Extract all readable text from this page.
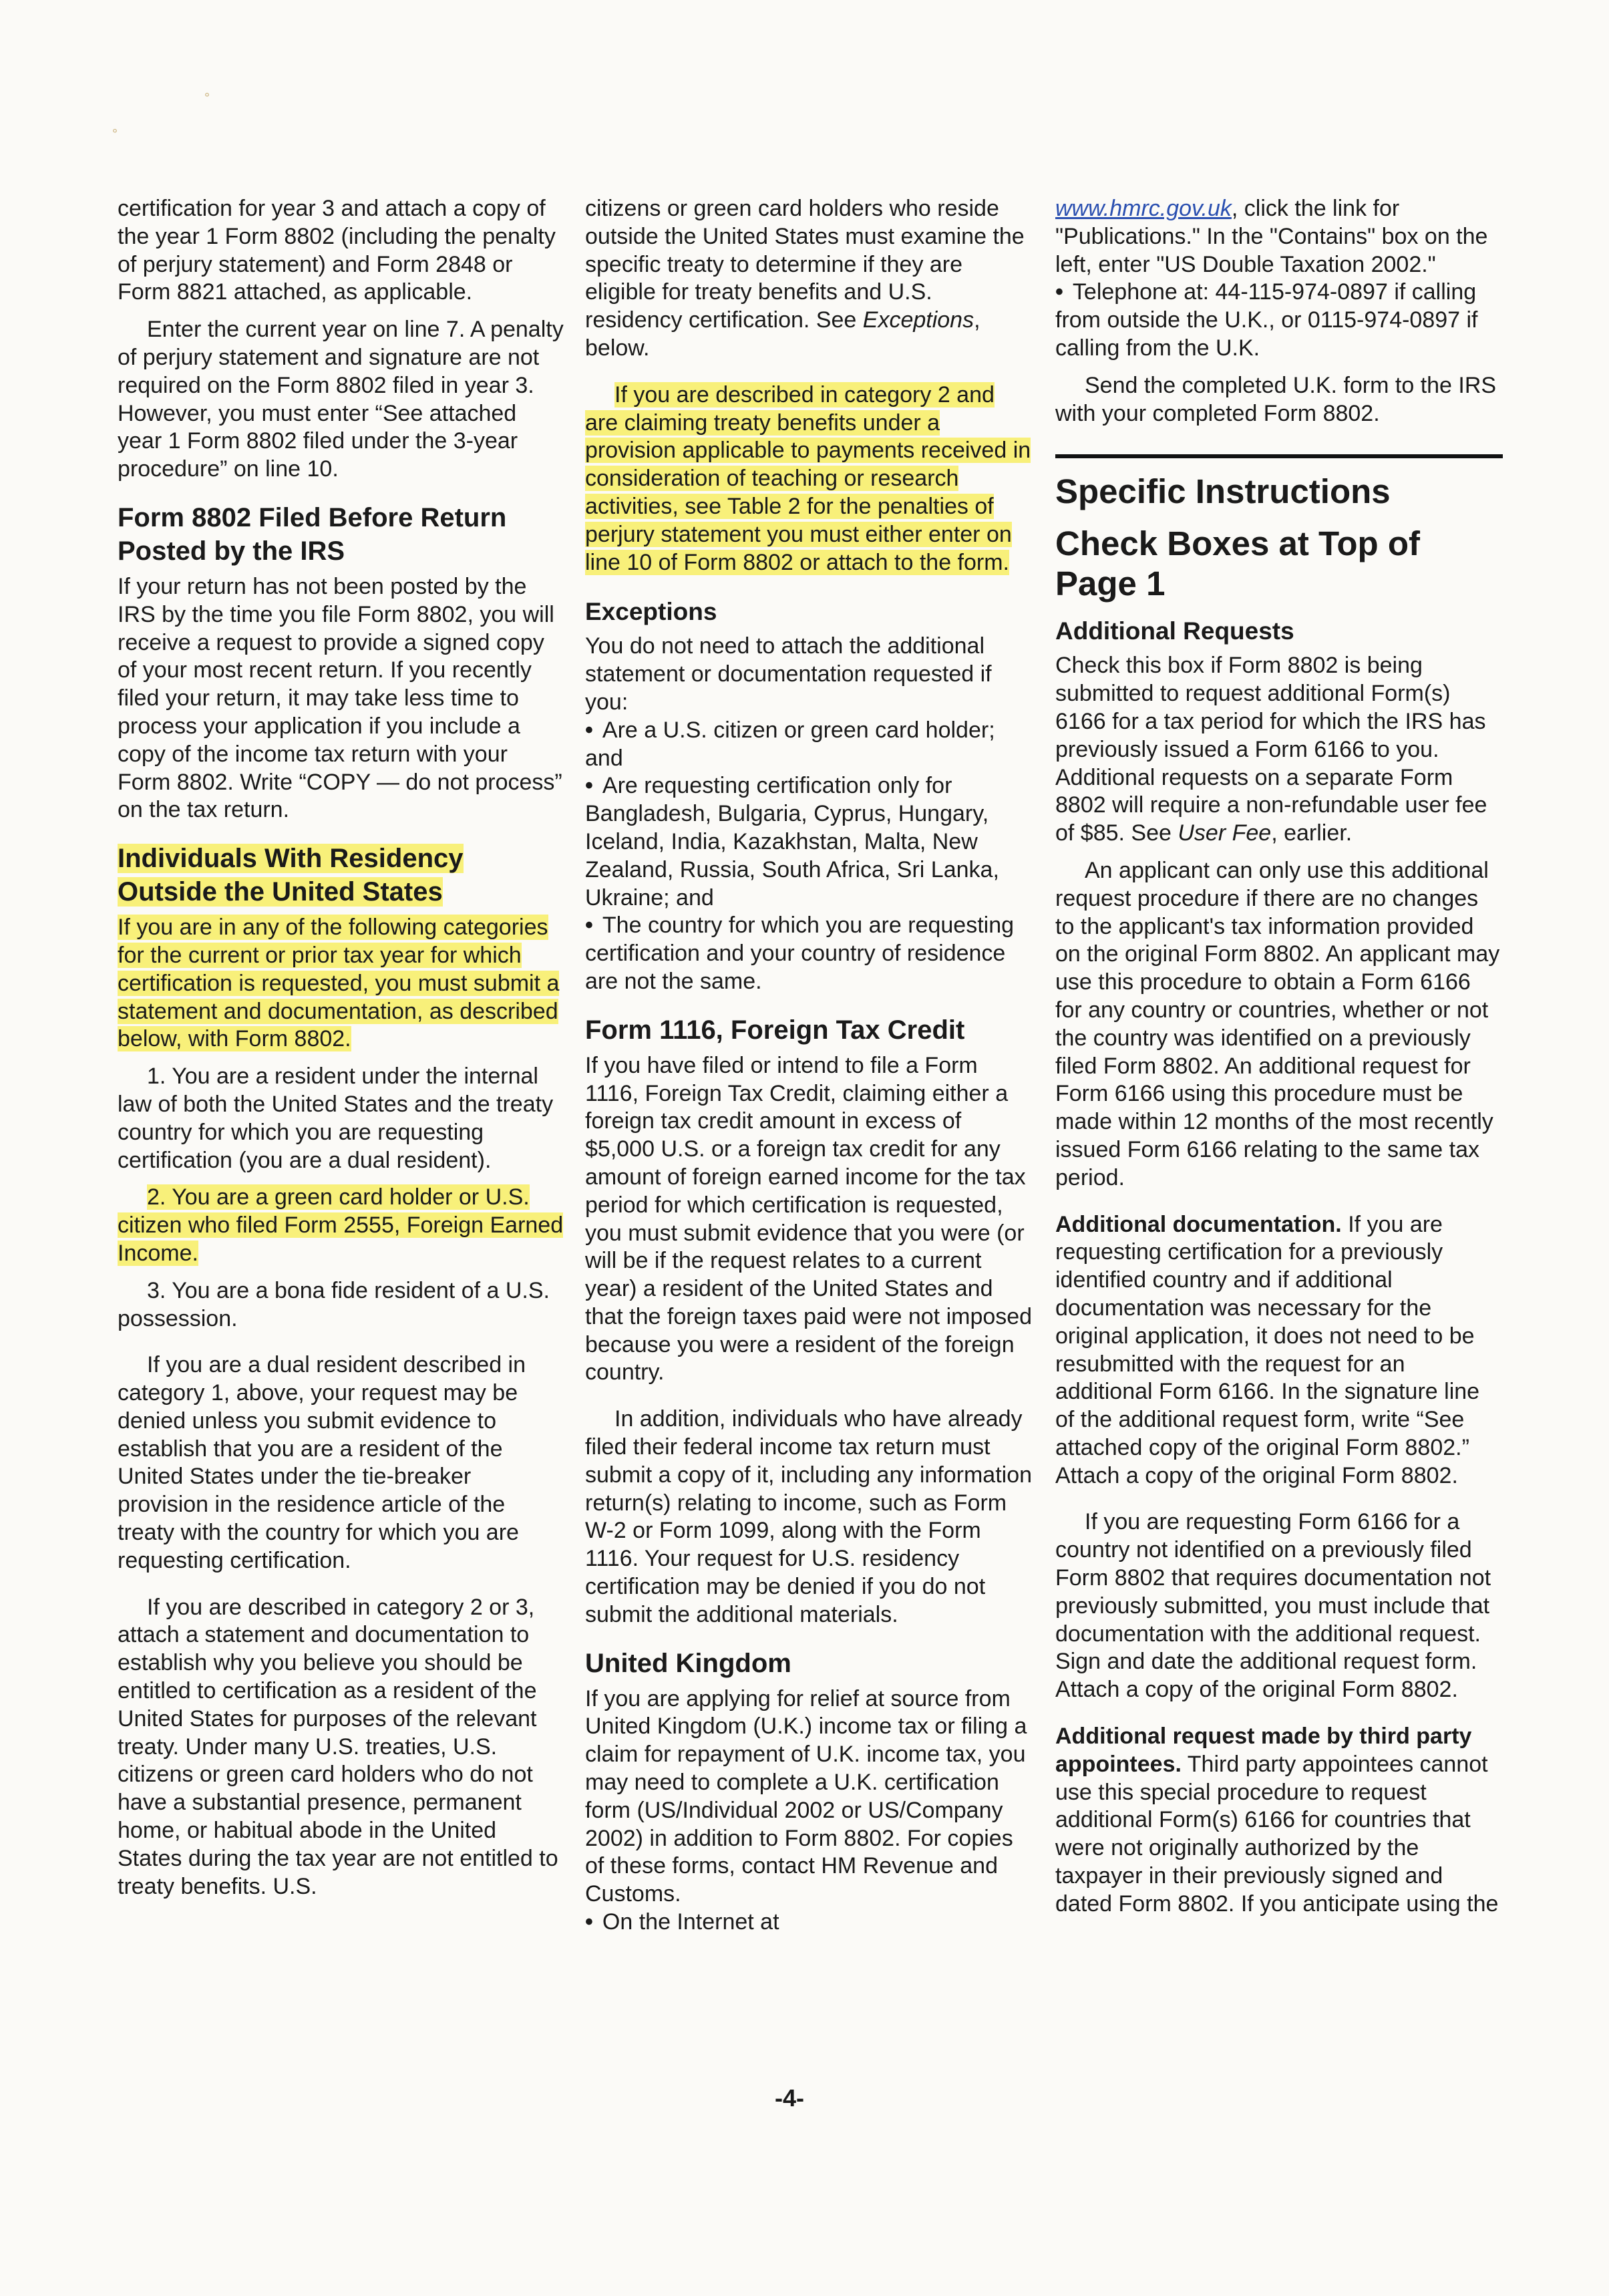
°
°

certification for year 3 and attach a copy of the year 1 Form 8802 (including the penalty of perjury statement) and Form 2848 or Form 8821 attached, as applicable.

Enter the current year on line 7. A penalty of perjury statement and signature are not required on the Form 8802 filed in year 3. However, you must enter “See attached year 1 Form 8802 filed under the 3-year procedure” on line 10.

Form 8802 Filed Before Return Posted by the IRS

If your return has not been posted by the IRS by the time you file Form 8802, you will receive a request to provide a signed copy of your most recent return. If you recently filed your return, it may take less time to process your application if you include a copy of the income tax return with your Form 8802. Write “COPY — do not process” on the tax return.

Individuals With Residency Outside the United States

If you are in any of the following categories for the current or prior tax year for which certification is requested, you must submit a statement and documentation, as described below, with Form 8802.

1. You are a resident under the internal law of both the United States and the treaty country for which you are requesting certification (you are a dual resident).

2. You are a green card holder or U.S. citizen who filed Form 2555, Foreign Earned Income.

3. You are a bona fide resident of a U.S. possession.

If you are a dual resident described in category 1, above, your request may be denied unless you submit evidence to establish that you are a resident of the United States under the tie-breaker provision in the residence article of the treaty with the country for which you are requesting certification.

If you are described in category 2 or 3, attach a statement and documentation to establish why you believe you should be entitled to certification as a resident of the United States for purposes of the relevant treaty. Under many U.S. treaties, U.S. citizens or green card holders who do not have a substantial presence, permanent home, or habitual abode in the United States during the tax year are not entitled to treaty benefits. U.S.

citizens or green card holders who reside outside the United States must examine the specific treaty to determine if they are eligible for treaty benefits and U.S. residency certification. See Exceptions, below.

If you are described in category 2 and are claiming treaty benefits under a provision applicable to payments received in consideration of teaching or research activities, see Table 2 for the penalties of perjury statement you must either enter on line 10 of Form 8802 or attach to the form.

Exceptions

You do not need to attach the additional statement or documentation requested if you:

• Are a U.S. citizen or green card holder; and

• Are requesting certification only for Bangladesh, Bulgaria, Cyprus, Hungary, Iceland, India, Kazakhstan, Malta, New Zealand, Russia, South Africa, Sri Lanka, Ukraine; and

• The country for which you are requesting certification and your country of residence are not the same.

Form 1116, Foreign Tax Credit

If you have filed or intend to file a Form 1116, Foreign Tax Credit, claiming either a foreign tax credit amount in excess of $5,000 U.S. or a foreign tax credit for any amount of foreign earned income for the tax period for which certification is requested, you must submit evidence that you were (or will be if the request relates to a current year) a resident of the United States and that the foreign taxes paid were not imposed because you were a resident of the foreign country.

In addition, individuals who have already filed their federal income tax return must submit a copy of it, including any information return(s) relating to income, such as Form W-2 or Form 1099, along with the Form 1116. Your request for U.S. residency certification may be denied if you do not submit the additional materials.

United Kingdom

If you are applying for relief at source from United Kingdom (U.K.) income tax or filing a claim for repayment of U.K. income tax, you may need to complete a U.K. certification form (US/Individual 2002 or US/Company 2002) in addition to Form 8802. For copies of these forms, contact HM Revenue and Customs.

• On the Internet at

www.hmrc.gov.uk, click the link for "Publications." In the "Contains" box on the left, enter "US Double Taxation 2002."

• Telephone at: 44-115-974-0897 if calling from outside the U.K., or 0115-974-0897 if calling from the U.K.

Send the completed U.K. form to the IRS with your completed Form 8802.

Specific Instructions
Check Boxes at Top of Page 1
Additional Requests

Check this box if Form 8802 is being submitted to request additional Form(s) 6166 for a tax period for which the IRS has previously issued a Form 6166 to you. Additional requests on a separate Form 8802 will require a non-refundable user fee of $85. See User Fee, earlier.

An applicant can only use this additional request procedure if there are no changes to the applicant's tax information provided on the original Form 8802. An applicant may use this procedure to obtain a Form 6166 for any country or countries, whether or not the country was identified on a previously filed Form 8802. An additional request for Form 6166 using this procedure must be made within 12 months of the most recently issued Form 6166 relating to the same tax period.

Additional documentation. If you are requesting certification for a previously identified country and if additional documentation was necessary for the original application, it does not need to be resubmitted with the request for an additional Form 6166. In the signature line of the additional request form, write “See attached copy of the original Form 8802.” Attach a copy of the original Form 8802.

If you are requesting Form 6166 for a country not identified on a previously filed Form 8802 that requires documentation not previously submitted, you must include that documentation with the additional request. Sign and date the additional request form. Attach a copy of the original Form 8802.

Additional request made by third party appointees. Third party appointees cannot use this special procedure to request additional Form(s) 6166 for countries that were not originally authorized by the taxpayer in their previously signed and dated Form 8802. If you anticipate using the

-4-
